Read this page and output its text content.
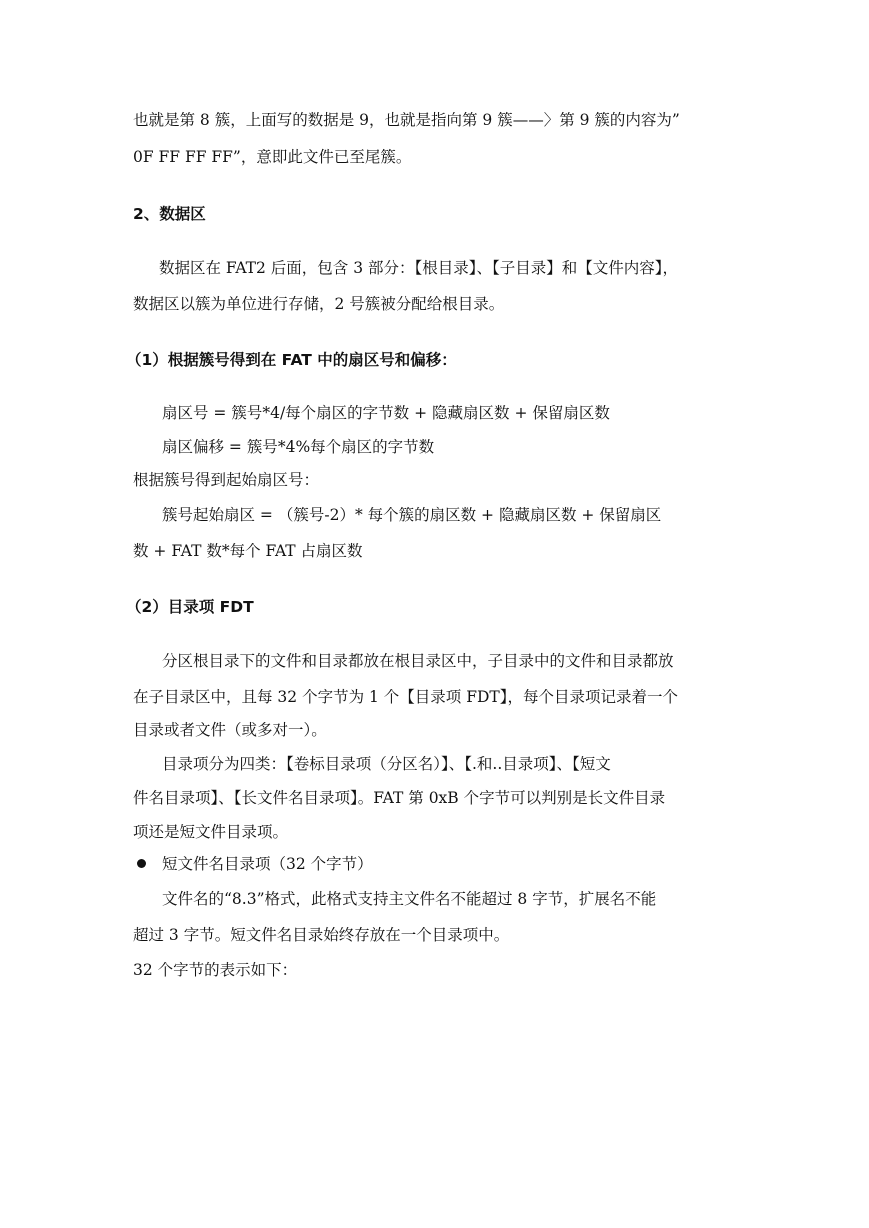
也就是第 8 簇，上面写的数据是 9，也就是指向第 9 簇——〉第 9 簇的内容为”
0F FF FF FF”，意即此文件已至尾簇。
2、数据区
数据区在 FAT2 后面，包含 3 部分：【根目录】、【子目录】和【文件内容】，
数据区以簇为单位进行存储，2 号簇被分配给根目录。
（1）根据簇号得到在 FAT 中的扇区号和偏移：
扇区号 = 簇号*4/每个扇区的字节数 + 隐藏扇区数 + 保留扇区数
扇区偏移 = 簇号*4%每个扇区的字节数
根据簇号得到起始扇区号：
簇号起始扇区 = （簇号-2）* 每个簇的扇区数 + 隐藏扇区数 + 保留扇区
数 + FAT 数*每个 FAT 占扇区数
（2）目录项 FDT
分区根目录下的文件和目录都放在根目录区中，子目录中的文件和目录都放
在子目录区中，且每 32 个字节为 1 个【目录项 FDT】，每个目录项记录着一个
目录或者文件（或多对一）。
目录项分为四类：【卷标目录项（分区名）】、【.和..目录项】、【短文
件名目录项】、【长文件名目录项】。FAT 第 0xB 个字节可以判别是长文件目录
项还是短文件目录项。
短文件名目录项（32 个字节）
文件名的“8.3”格式，此格式支持主文件名不能超过 8 字节，扩展名不能
超过 3 字节。短文件名目录始终存放在一个目录项中。
32 个字节的表示如下：
